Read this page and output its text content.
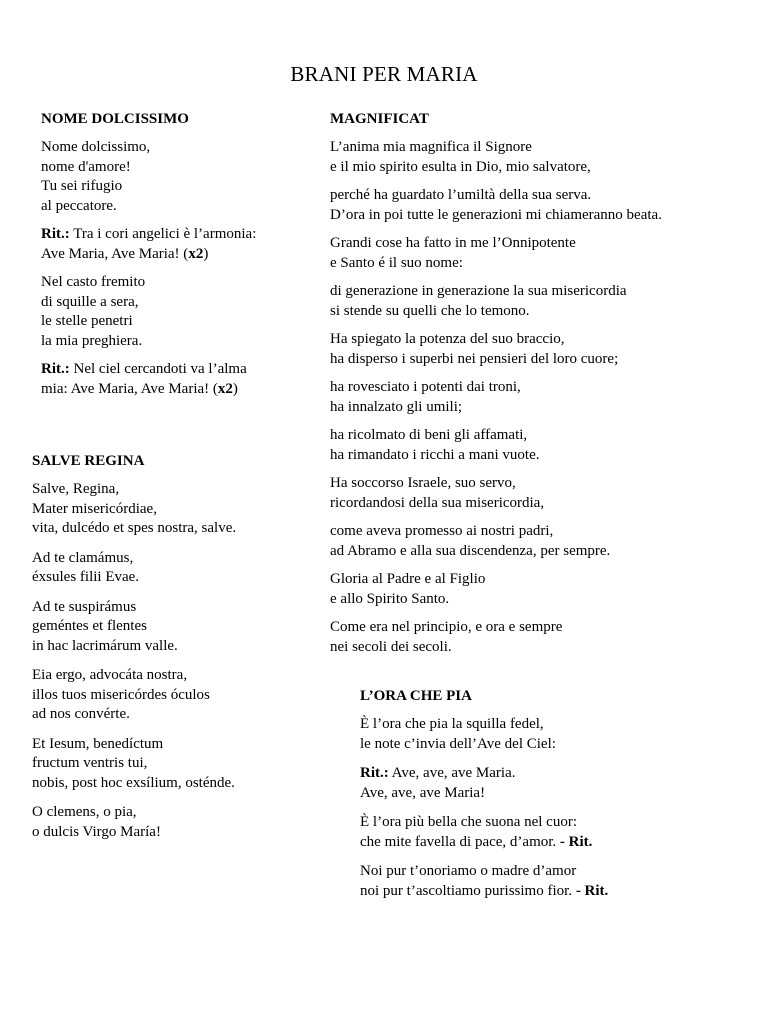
BRANI PER MARIA
NOME DOLCISSIMO
Nome dolcissimo,
nome d'amore!
Tu sei rifugio
al peccatore.
Rit.: Tra i cori angelici è l’armonia:
Ave Maria, Ave Maria! (x2)
Nel casto fremito
di squille a sera,
le stelle penetri
la mia preghiera.
Rit.: Nel ciel cercandoti va l’alma
mia: Ave Maria, Ave Maria! (x2)
SALVE REGINA
Salve, Regina,
Mater misericórdiae,
vita, dulcédo et spes nostra, salve.
Ad te clamámus,
éxsules filii Evae.
Ad te suspirámus
geméntes et flentes
in hac lacrimárum valle.
Eia ergo, advocáta nostra,
illos tuos misericórdes óculos
ad nos convérte.
Et Iesum, benedíctum
fructum ventris tui,
nobis, post hoc exsílium, osténde.
O clemens, o pia,
o dulcis Virgo María!
MAGNIFICAT
L’anima mia magnifica il Signore
e il mio spirito esulta in Dio, mio salvatore,
perché ha guardato l’umiltà della sua serva.
D’ora in poi tutte le generazioni mi chiameranno beata.
Grandi cose ha fatto in me l’Onnipotente
e Santo é il suo nome:
di generazione in generazione la sua misericordia
si stende su quelli che lo temono.
Ha spiegato la potenza del suo braccio,
ha disperso i superbi nei pensieri del loro cuore;
ha rovesciato i potenti dai troni,
ha innalzato gli umili;
ha ricolmato di beni gli affamati,
ha rimandato i ricchi a mani vuote.
Ha soccorso Israele, suo servo,
ricordandosi della sua misericordia,
come aveva promesso ai nostri padri,
ad Abramo e alla sua discendenza, per sempre.
Gloria al Padre e al Figlio
e allo Spirito Santo.
Come era nel principio, e ora e sempre
nei secoli dei secoli.
L’ORA CHE PIA
È l’ora che pia la squilla fedel,
le note c’invia dell’Ave del Ciel:
Rit.: Ave, ave, ave Maria.
Ave, ave, ave Maria!
È l’ora più bella che suona nel cuor:
che mite favella di pace, d’amor. - Rit.
Noi pur t’onoriamo o madre d’amor
noi pur t’ascoltiamo purissimo fior. - Rit.
